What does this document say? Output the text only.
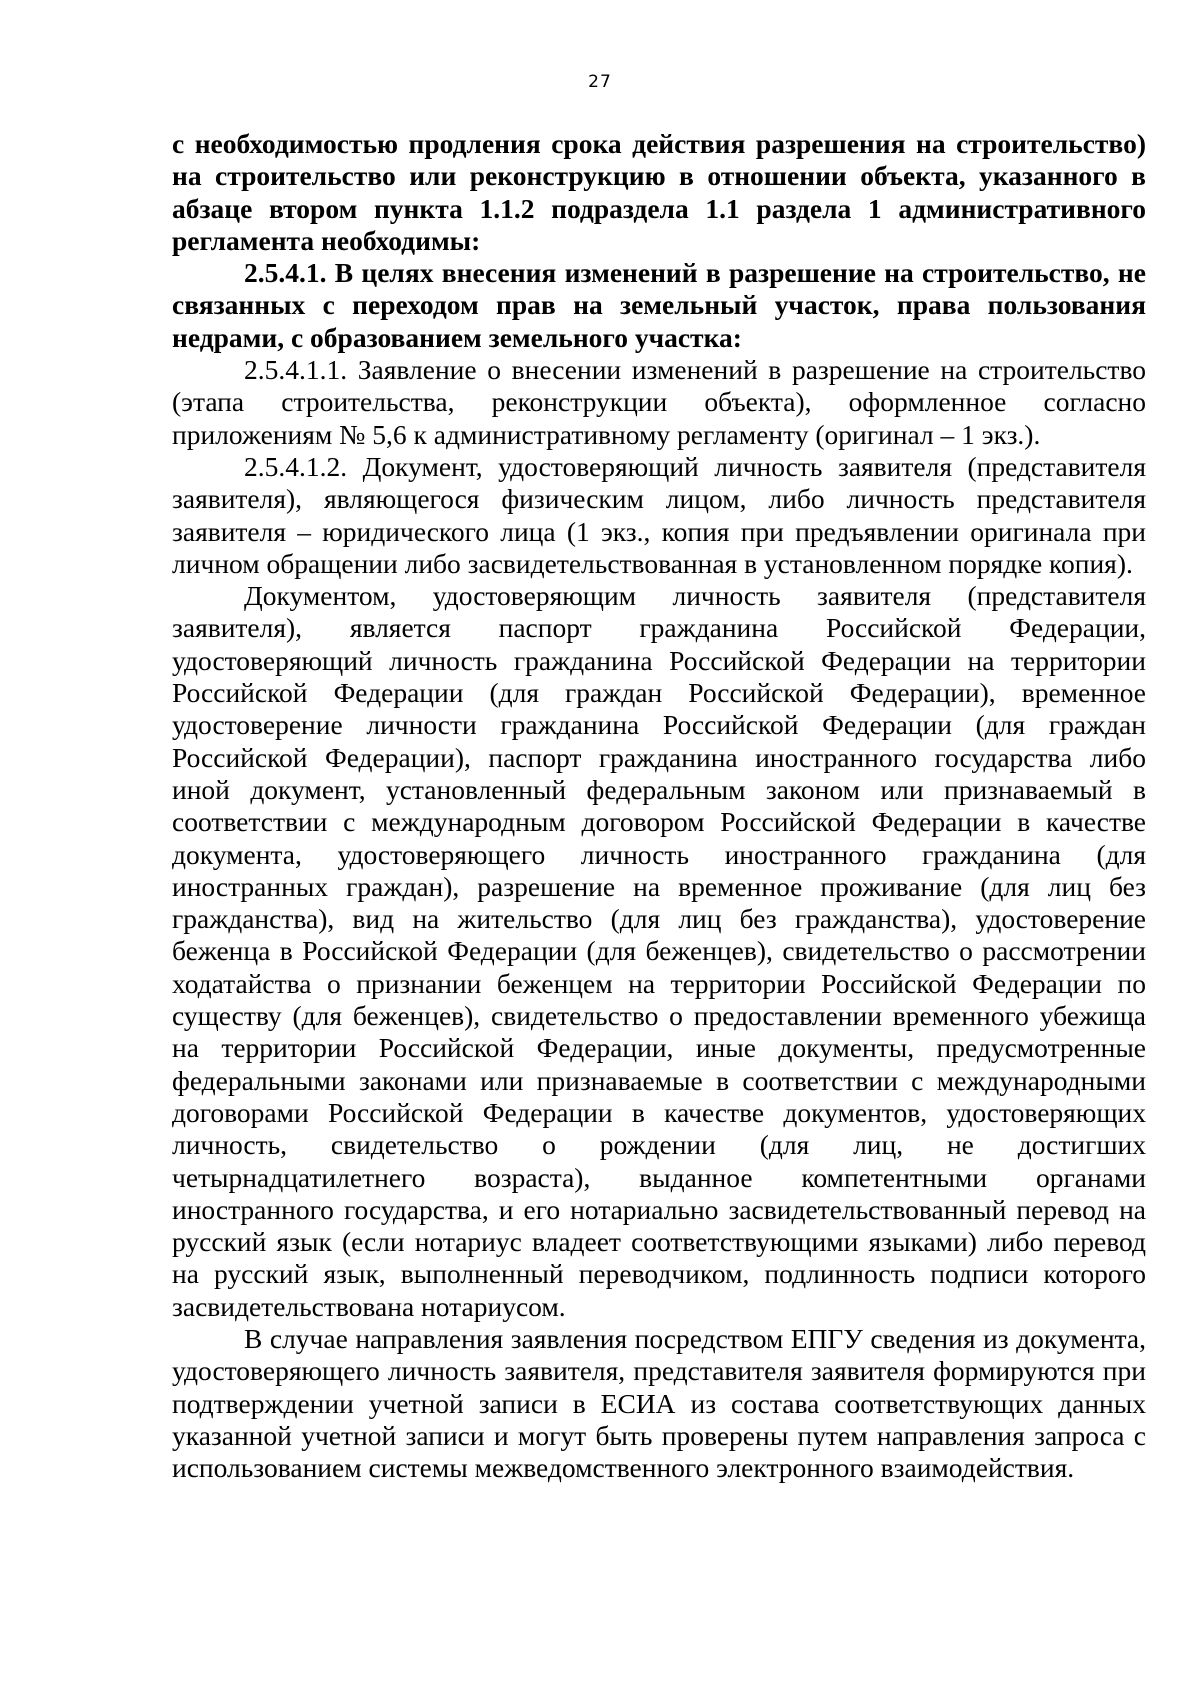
27

с необходимостью продления срока действия разрешения на строительство) на строительство или реконструкцию в отношении объекта, указанного в абзаце втором пункта 1.1.2 подраздела 1.1 раздела 1 административного регламента необходимы:

2.5.4.1. В целях внесения изменений в разрешение на строительство, не связанных с переходом прав на земельный участок, права пользования недрами, с образованием земельного участка:

2.5.4.1.1. Заявление о внесении изменений в разрешение на строительство (этапа строительства, реконструкции объекта), оформленное согласно приложениям № 5,6 к административному регламенту (оригинал – 1 экз.).

2.5.4.1.2. Документ, удостоверяющий личность заявителя (представителя заявителя), являющегося физическим лицом, либо личность представителя заявителя – юридического лица (1 экз., копия при предъявлении оригинала при личном обращении либо засвидетельствованная в установленном порядке копия).

Документом, удостоверяющим личность заявителя (представителя заявителя), является паспорт гражданина Российской Федерации, удостоверяющий личность гражданина Российской Федерации на территории Российской Федерации (для граждан Российской Федерации), временное удостоверение личности гражданина Российской Федерации (для граждан Российской Федерации), паспорт гражданина иностранного государства либо иной документ, установленный федеральным законом или признаваемый в соответствии с международным договором Российской Федерации в качестве документа, удостоверяющего личность иностранного гражданина (для иностранных граждан), разрешение на временное проживание (для лиц без гражданства), вид на жительство (для лиц без гражданства), удостоверение беженца в Российской Федерации (для беженцев), свидетельство о рассмотрении ходатайства о признании беженцем на территории Российской Федерации по существу (для беженцев), свидетельство о предоставлении временного убежища на территории Российской Федерации, иные документы, предусмотренные федеральными законами или признаваемые в соответствии с международными договорами Российской Федерации в качестве документов, удостоверяющих личность, свидетельство о рождении (для лиц, не достигших четырнадцатилетнего возраста), выданное компетентными органами иностранного государства, и его нотариально засвидетельствованный перевод на русский язык (если нотариус владеет соответствующими языками) либо перевод на русский язык, выполненный переводчиком, подлинность подписи которого засвидетельствована нотариусом.

В случае направления заявления посредством ЕПГУ сведения из документа, удостоверяющего личность заявителя, представителя заявителя формируются при подтверждении учетной записи в ЕСИА из состава соответствующих данных указанной учетной записи и могут быть проверены путем направления запроса с использованием системы межведомственного электронного взаимодействия.
